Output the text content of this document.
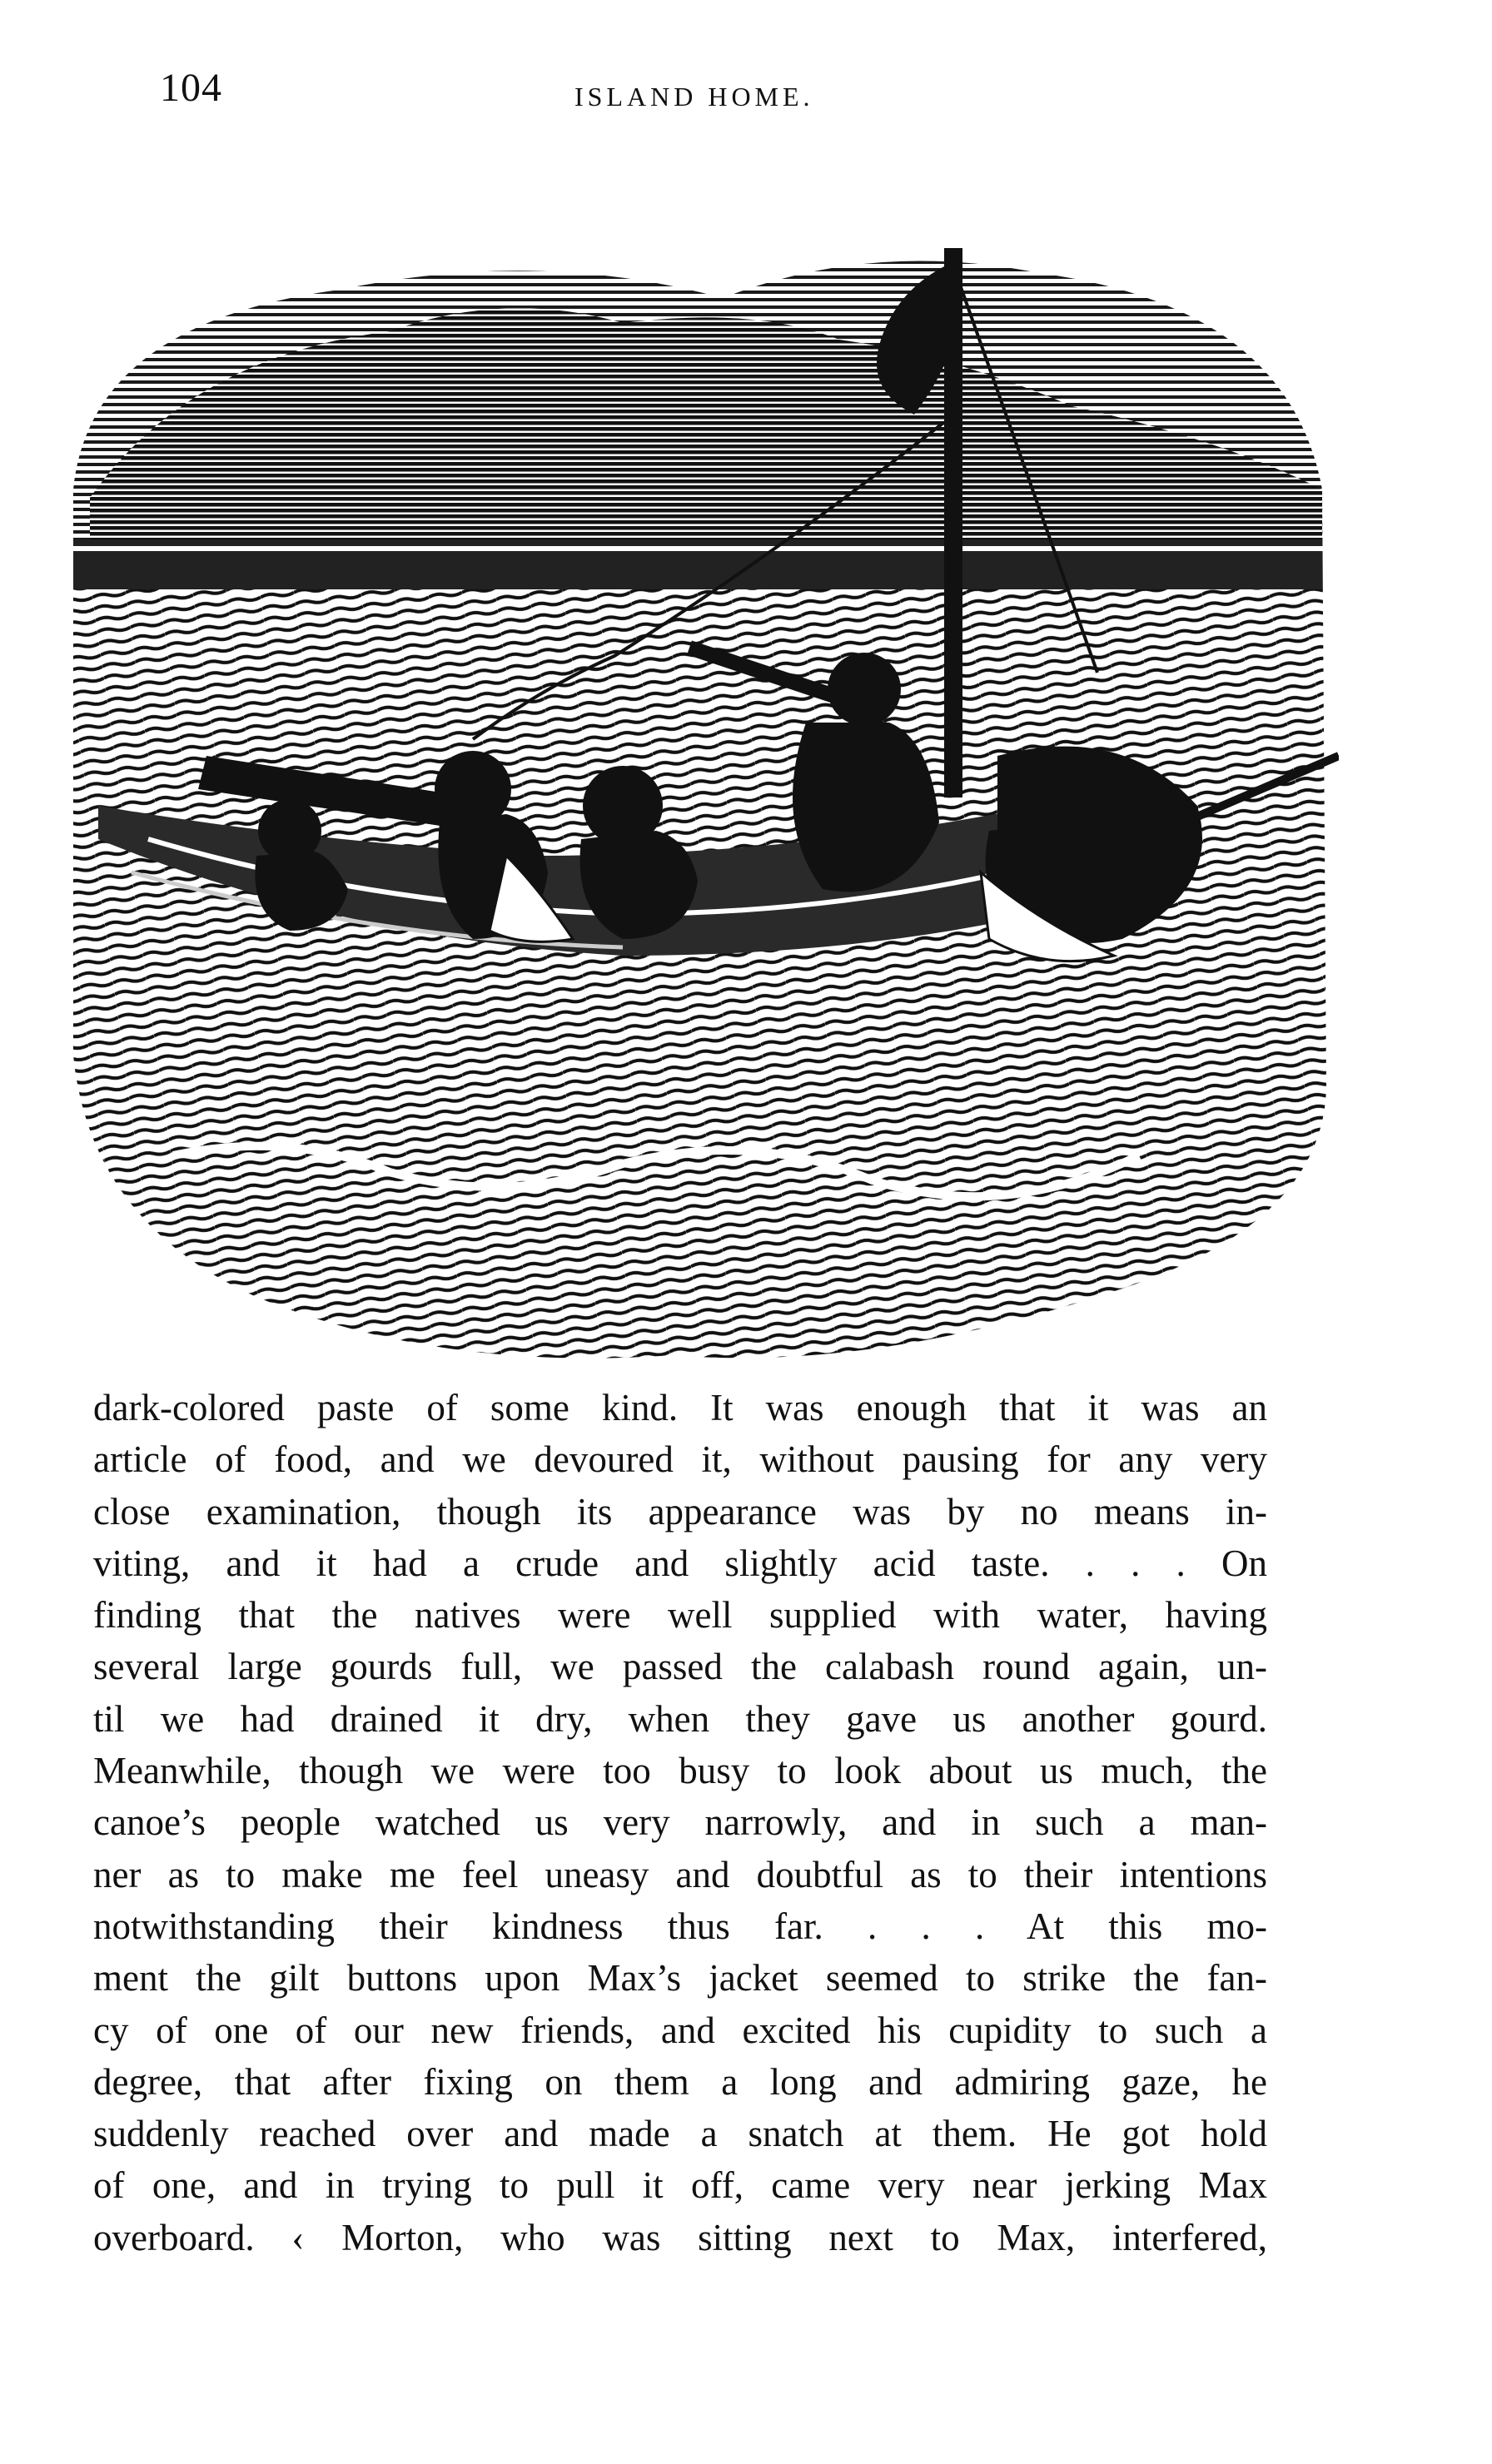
104	ISLAND HOME.
dark-colored paste of some kind. It was enough that it was an
article of food, and we devoured it, without pausing for any very
close examination, though its appearance was by no means in-
viting, and it had a crude and slightly acid taste. . . . On
finding that the natives were well supplied with water, having
several large gourds full, we passed the calabash round again, un-
til we had drained it dry, when they gave us another gourd.
Meanwhile, though we were too busy to look about us much, the
canoe’s people watched us very narrowly, and in such a man-
ner as to make me feel uneasy and doubtful as to their intentions
notwithstanding their kindness thus far. . . . At this mo-
ment the gilt buttons upon Max’s jacket seemed to strike the fan-
cy of one of our new friends, and excited his cupidity to such a
degree, that after fixing on them a long and admiring gaze, he
suddenly reached over and made a snatch at them. He got hold
of one, and in trying to pull it off, came very near jerking Max
overboard. ‹ Morton, who was sitting next to Max, interfered,
